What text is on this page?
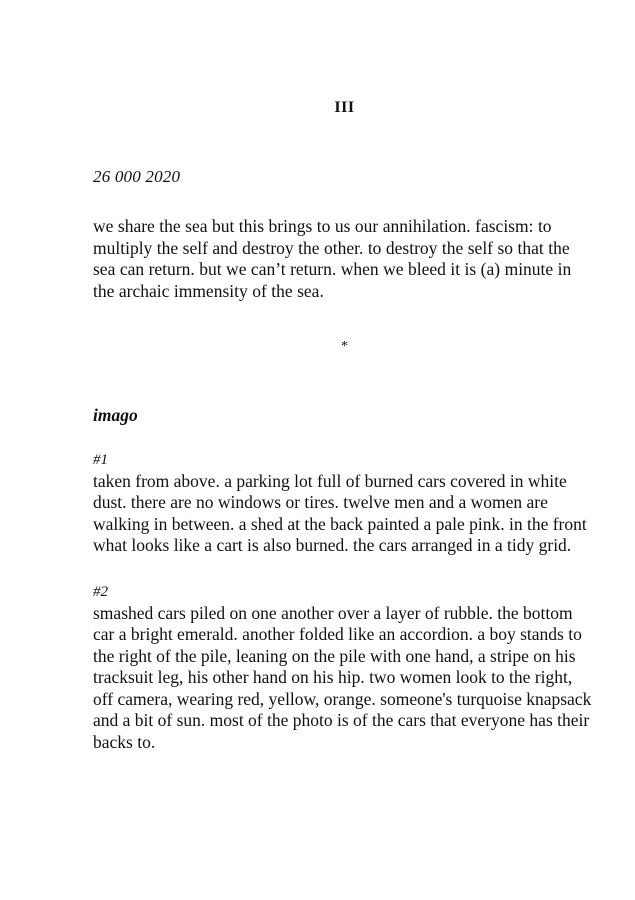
III

26 000 2020

we share the sea but this brings to us our annihilation. fascism: to multiply the self and destroy the other. to destroy the self so that the sea can return. but we can’t return. when we bleed it is (a) minute in the archaic immensity of the sea.

*

imago
#1

taken from above. a parking lot full of burned cars covered in white dust. there are no windows or tires. twelve men and a women are walking in between. a shed at the back painted a pale pink. in the front what looks like a cart is also burned. the cars arranged in a tidy grid.

#2

smashed cars piled on one another over a layer of rubble. the bottom car a bright emerald. another folded like an accordion. a boy stands to the right of the pile, leaning on the pile with one hand, a stripe on his tracksuit leg, his other hand on his hip. two women look to the right, off camera, wearing red, yellow, orange. someone's turquoise knapsack and a bit of sun. most of the photo is of the cars that everyone has their backs to.
